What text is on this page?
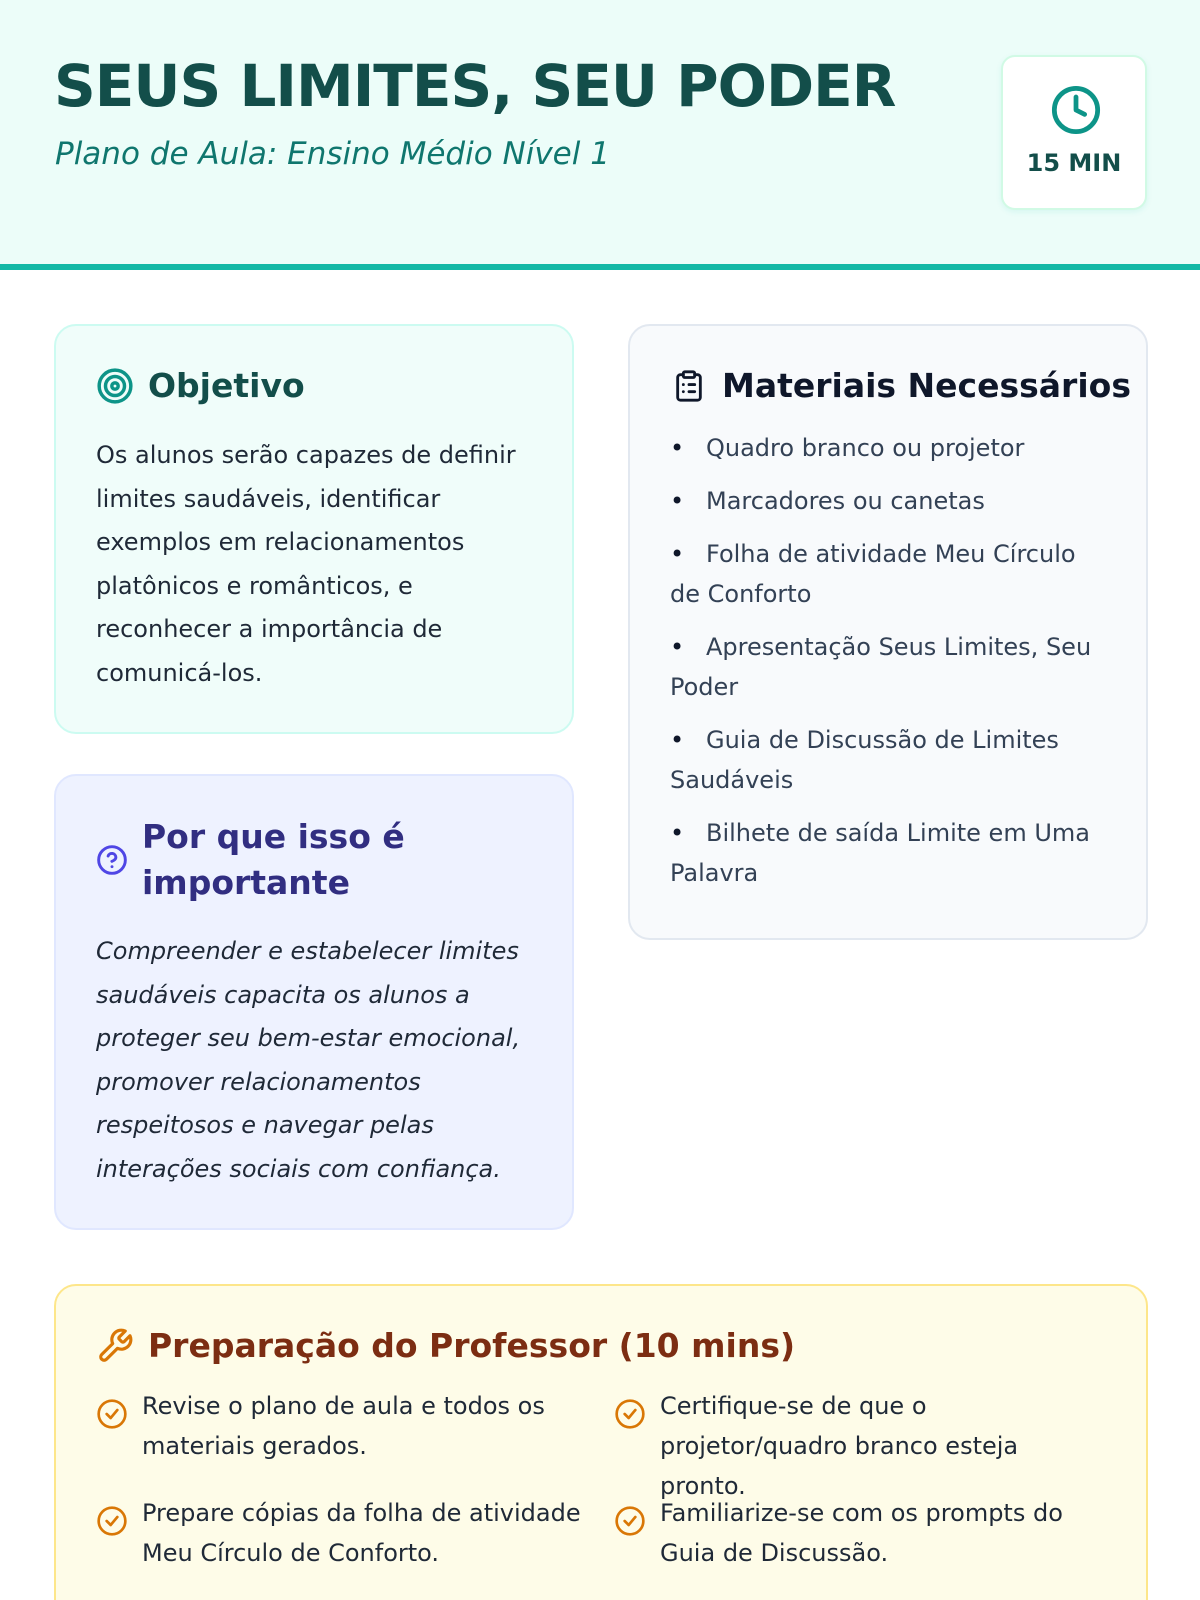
SEUS LIMITES, SEU PODER
Plano de Aula: Ensino Médio Nível 1	15 MIN
Objetivo

Os alunos serão capazes de definir limites saudáveis, identificar exemplos em relacionamentos platônicos e românticos, e reconhecer a importância de comunicá-los.

Por que isso é importante

Compreender e estabelecer limites saudáveis capacita os alunos a proteger seu bem-estar emocional, promover relacionamentos respeitosos e navegar pelas interações sociais com confiança.

Materiais Necessários
• Quadro branco ou projetor
• Marcadores ou canetas
• Folha de atividade Meu Círculo de Conforto
• Apresentação Seus Limites, Seu Poder
• Guia de Discussão de Limites Saudáveis
• Bilhete de saída Limite em Uma Palavra
Preparação do Professor (10 mins)
Revise o plano de aula e todos os materiais gerados.
Certifique-se de que o projetor/quadro branco esteja pronto.
Prepare cópias da folha de atividade Meu Círculo de Conforto.
Familiarize-se com os prompts do Guia de Discussão.
